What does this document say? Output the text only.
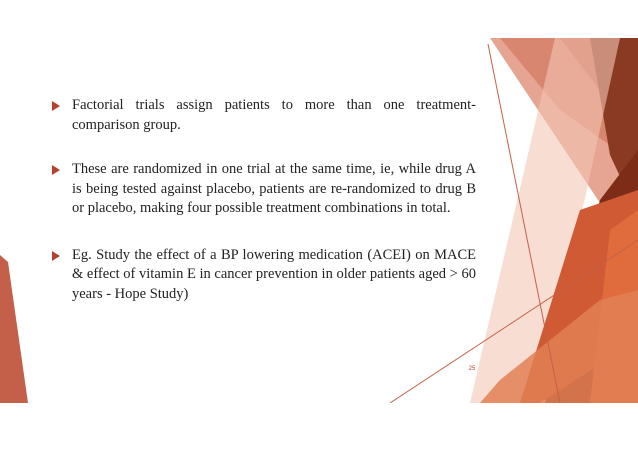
Factorial trials assign patients to more than one treatment-comparison group.
These are randomized in one trial at the same time, ie, while drug A is being tested against placebo, patients are re-randomized to drug B or placebo, making four possible treatment combinations in total.
Eg. Study the effect of a BP lowering medication (ACEI) on MACE & effect of vitamin E in cancer prevention in older patients aged > 60 years - Hope Study)
25
